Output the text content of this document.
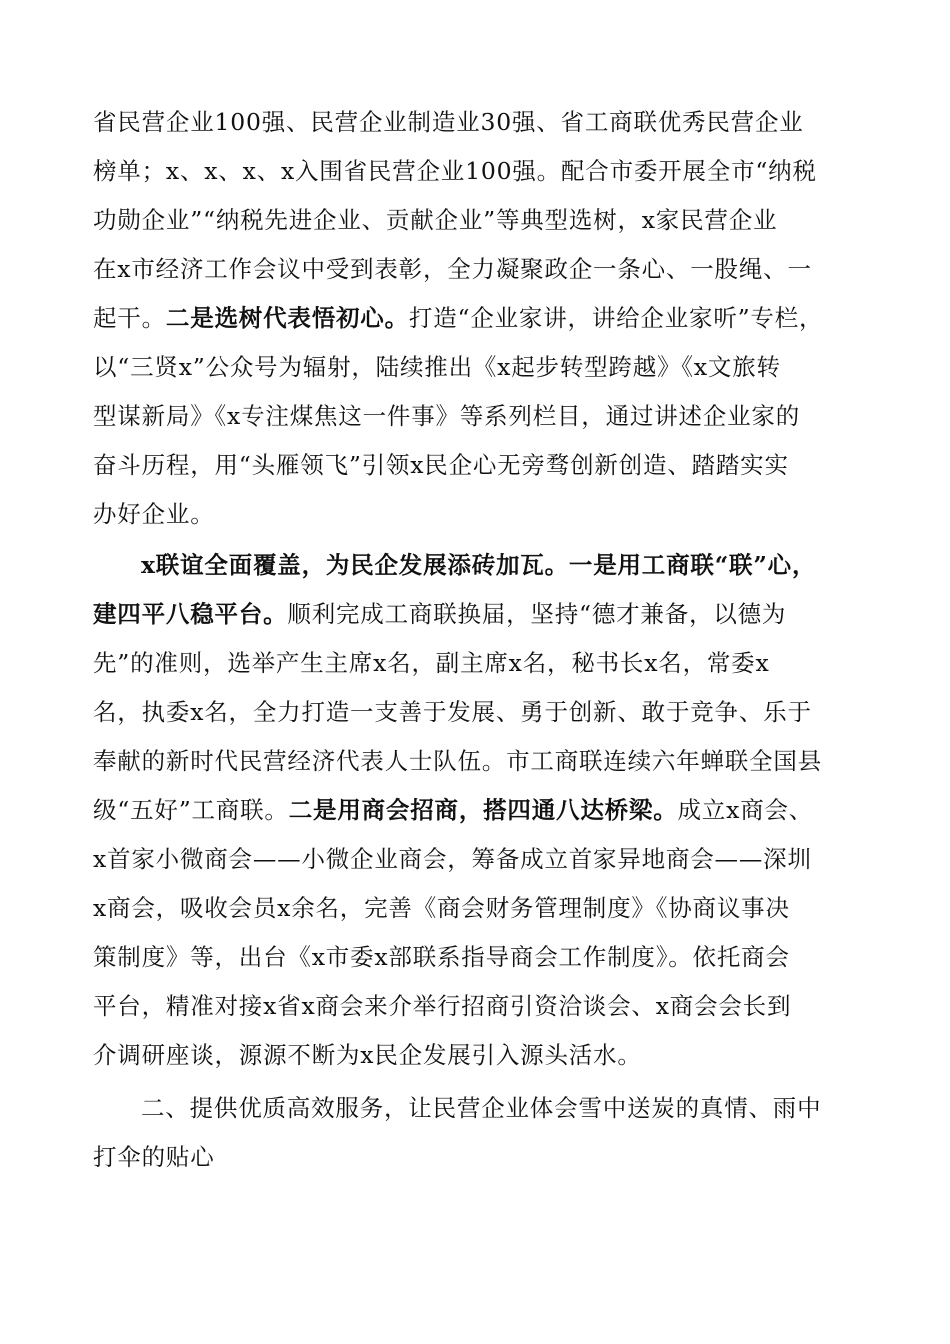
省民营企业100强、民营企业制造业30强、省工商联优秀民营企业
榜单；x、x、x、x入围省民营企业100强。配合市委开展全市“纳税
功勋企业”“纳税先进企业、贡献企业”等典型选树，x家民营企业
在x市经济工作会议中受到表彰，全力凝聚政企一条心、一股绳、一
起干。二是选树代表悟初心。打造“企业家讲，讲给企业家听”专栏，
以“三贤x”公众号为辐射，陆续推出《x起步转型跨越》《x文旅转
型谋新局》《x专注煤焦这一件事》等系列栏目，通过讲述企业家的
奋斗历程，用“头雁领飞”引领x民企心无旁骛创新创造、踏踏实实
办好企业。
x联谊全面覆盖，为民企发展添砖加瓦。一是用工商联“联”心，
建四平八稳平台。顺利完成工商联换届，坚持“德才兼备，以德为
先”的准则，选举产生主席x名，副主席x名，秘书长x名，常委x
名，执委x名，全力打造一支善于发展、勇于创新、敢于竞争、乐于
奉献的新时代民营经济代表人士队伍。市工商联连续六年蝉联全国县
级“五好”工商联。二是用商会招商，搭四通八达桥梁。成立x商会、
x首家小微商会——小微企业商会，筹备成立首家异地商会——深圳
x商会，吸收会员x余名，完善《商会财务管理制度》《协商议事决
策制度》等，出台《x市委x部联系指导商会工作制度》。依托商会
平台，精准对接x省x商会来介举行招商引资洽谈会、x商会会长到
介调研座谈，源源不断为x民企发展引入源头活水。
二、提供优质高效服务，让民营企业体会雪中送炭的真情、雨中
打伞的贴心
